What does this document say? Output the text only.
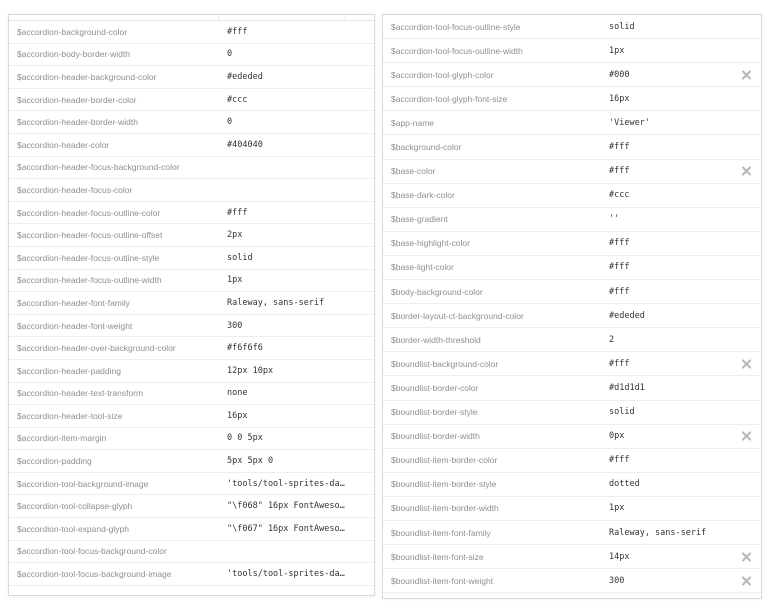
$accordion-background-color	#fff
$accordion-body-border-width	0
$accordion-header-background-color	#ededed
$accordion-header-border-color	#ccc
$accordion-header-border-width	0
$accordion-header-color	#404040
$accordion-header-focus-background-color
$accordion-header-focus-color
$accordion-header-focus-outline-color	#fff
$accordion-header-focus-outline-offset	2px
$accordion-header-focus-outline-style	solid
$accordion-header-focus-outline-width	1px
$accordion-header-font-family	Raleway, sans-serif
$accordion-header-font-weight	300
$accordion-header-over-background-color	#f6f6f6
$accordion-header-padding	12px 10px
$accordion-header-text-transform	none
$accordion-header-tool-size	16px
$accordion-item-margin	0 0 5px
$accordion-padding	5px 5px 0
$accordion-tool-background-image	'tools/tool-sprites-da…
$accordion-tool-collapse-glyph	"\f068" 16px FontAweso…
$accordion-tool-expand-glyph	"\f067" 16px FontAweso…
$accordion-tool-focus-background-color
$accordion-tool-focus-background-image	'tools/tool-sprites-da…
$accordion-tool-focus-outline-style	solid
$accordion-tool-focus-outline-width	1px
$accordion-tool-glyph-color	#000
$accordion-tool-glyph-font-size	16px
$app-name	'Viewer'
$background-color	#fff
$base-color	#fff
$base-dark-color	#ccc
$base-gradient	''
$base-highlight-color	#fff
$base-light-color	#fff
$body-background-color	#fff
$border-layout-ct-background-color	#ededed
$border-width-threshold	2
$boundlist-background-color	#fff
$boundlist-border-color	#d1d1d1
$boundlist-border-style	solid
$boundlist-border-width	0px
$boundlist-item-border-color	#fff
$boundlist-item-border-style	dotted
$boundlist-item-border-width	1px
$boundlist-item-font-family	Raleway, sans-serif
$boundlist-item-font-size	14px
$boundlist-item-font-weight	300
